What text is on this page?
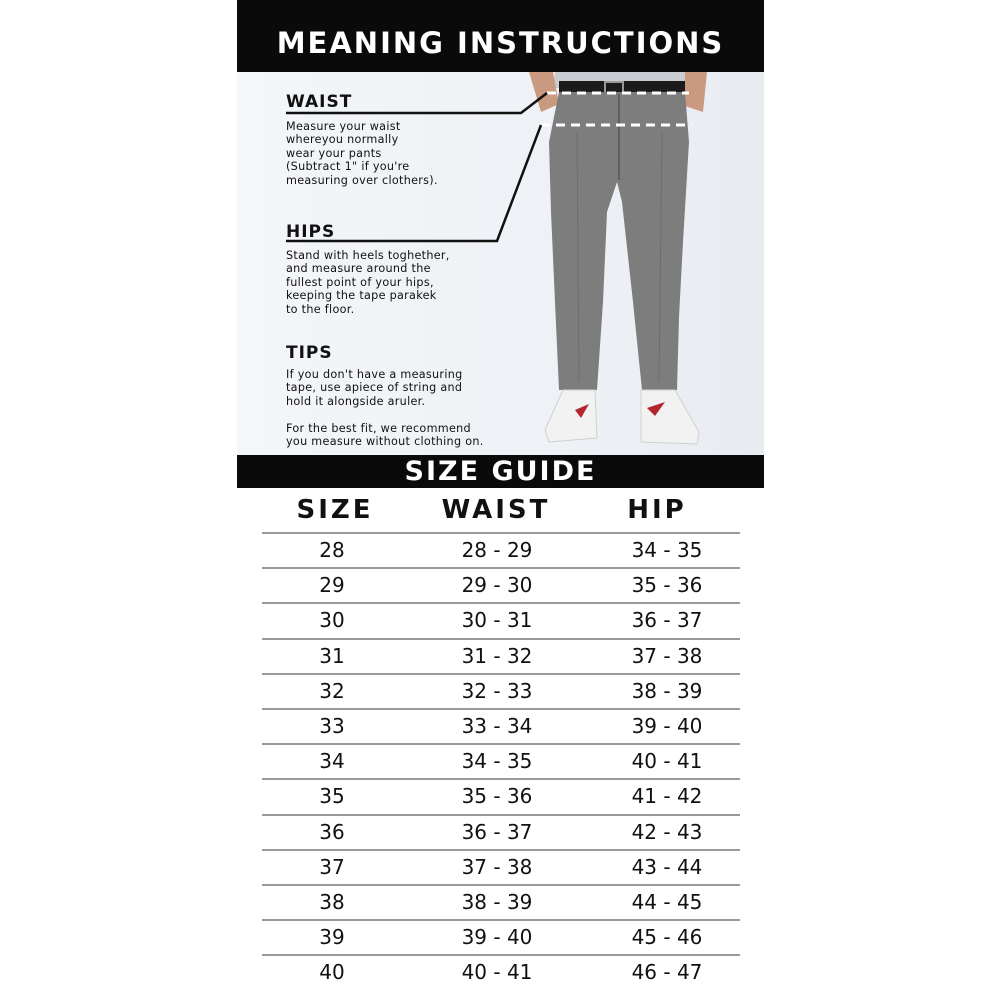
MEANING INSTRUCTIONS
WAIST

Measure your waist
whereyou normally
wear your pants
(Subtract 1" if you're
measuring over clothers).

HIPS

Stand with heels toghether,
and measure around the
fullest point of your hips,
keeping the tape parakek
to the floor.

TIPS

If you don't have a measuring
tape, use apiece of string and
hold it alongside aruler.
For the best fit, we recommend
you measure without clothing on.

SIZE GUIDE
SIZE	WAIST	HIP
28	28 - 29	34 - 35
29	29 - 30	35 - 36
30	30 - 31	36 - 37
31	31 - 32	37 - 38
32	32 - 33	38 - 39
33	33 - 34	39 - 40
34	34 - 35	40 - 41
35	35 - 36	41 - 42
36	36 - 37	42 - 43
37	37 - 38	43 - 44
38	38 - 39	44 - 45
39	39 - 40	45 - 46
40	40 - 41	46 - 47
